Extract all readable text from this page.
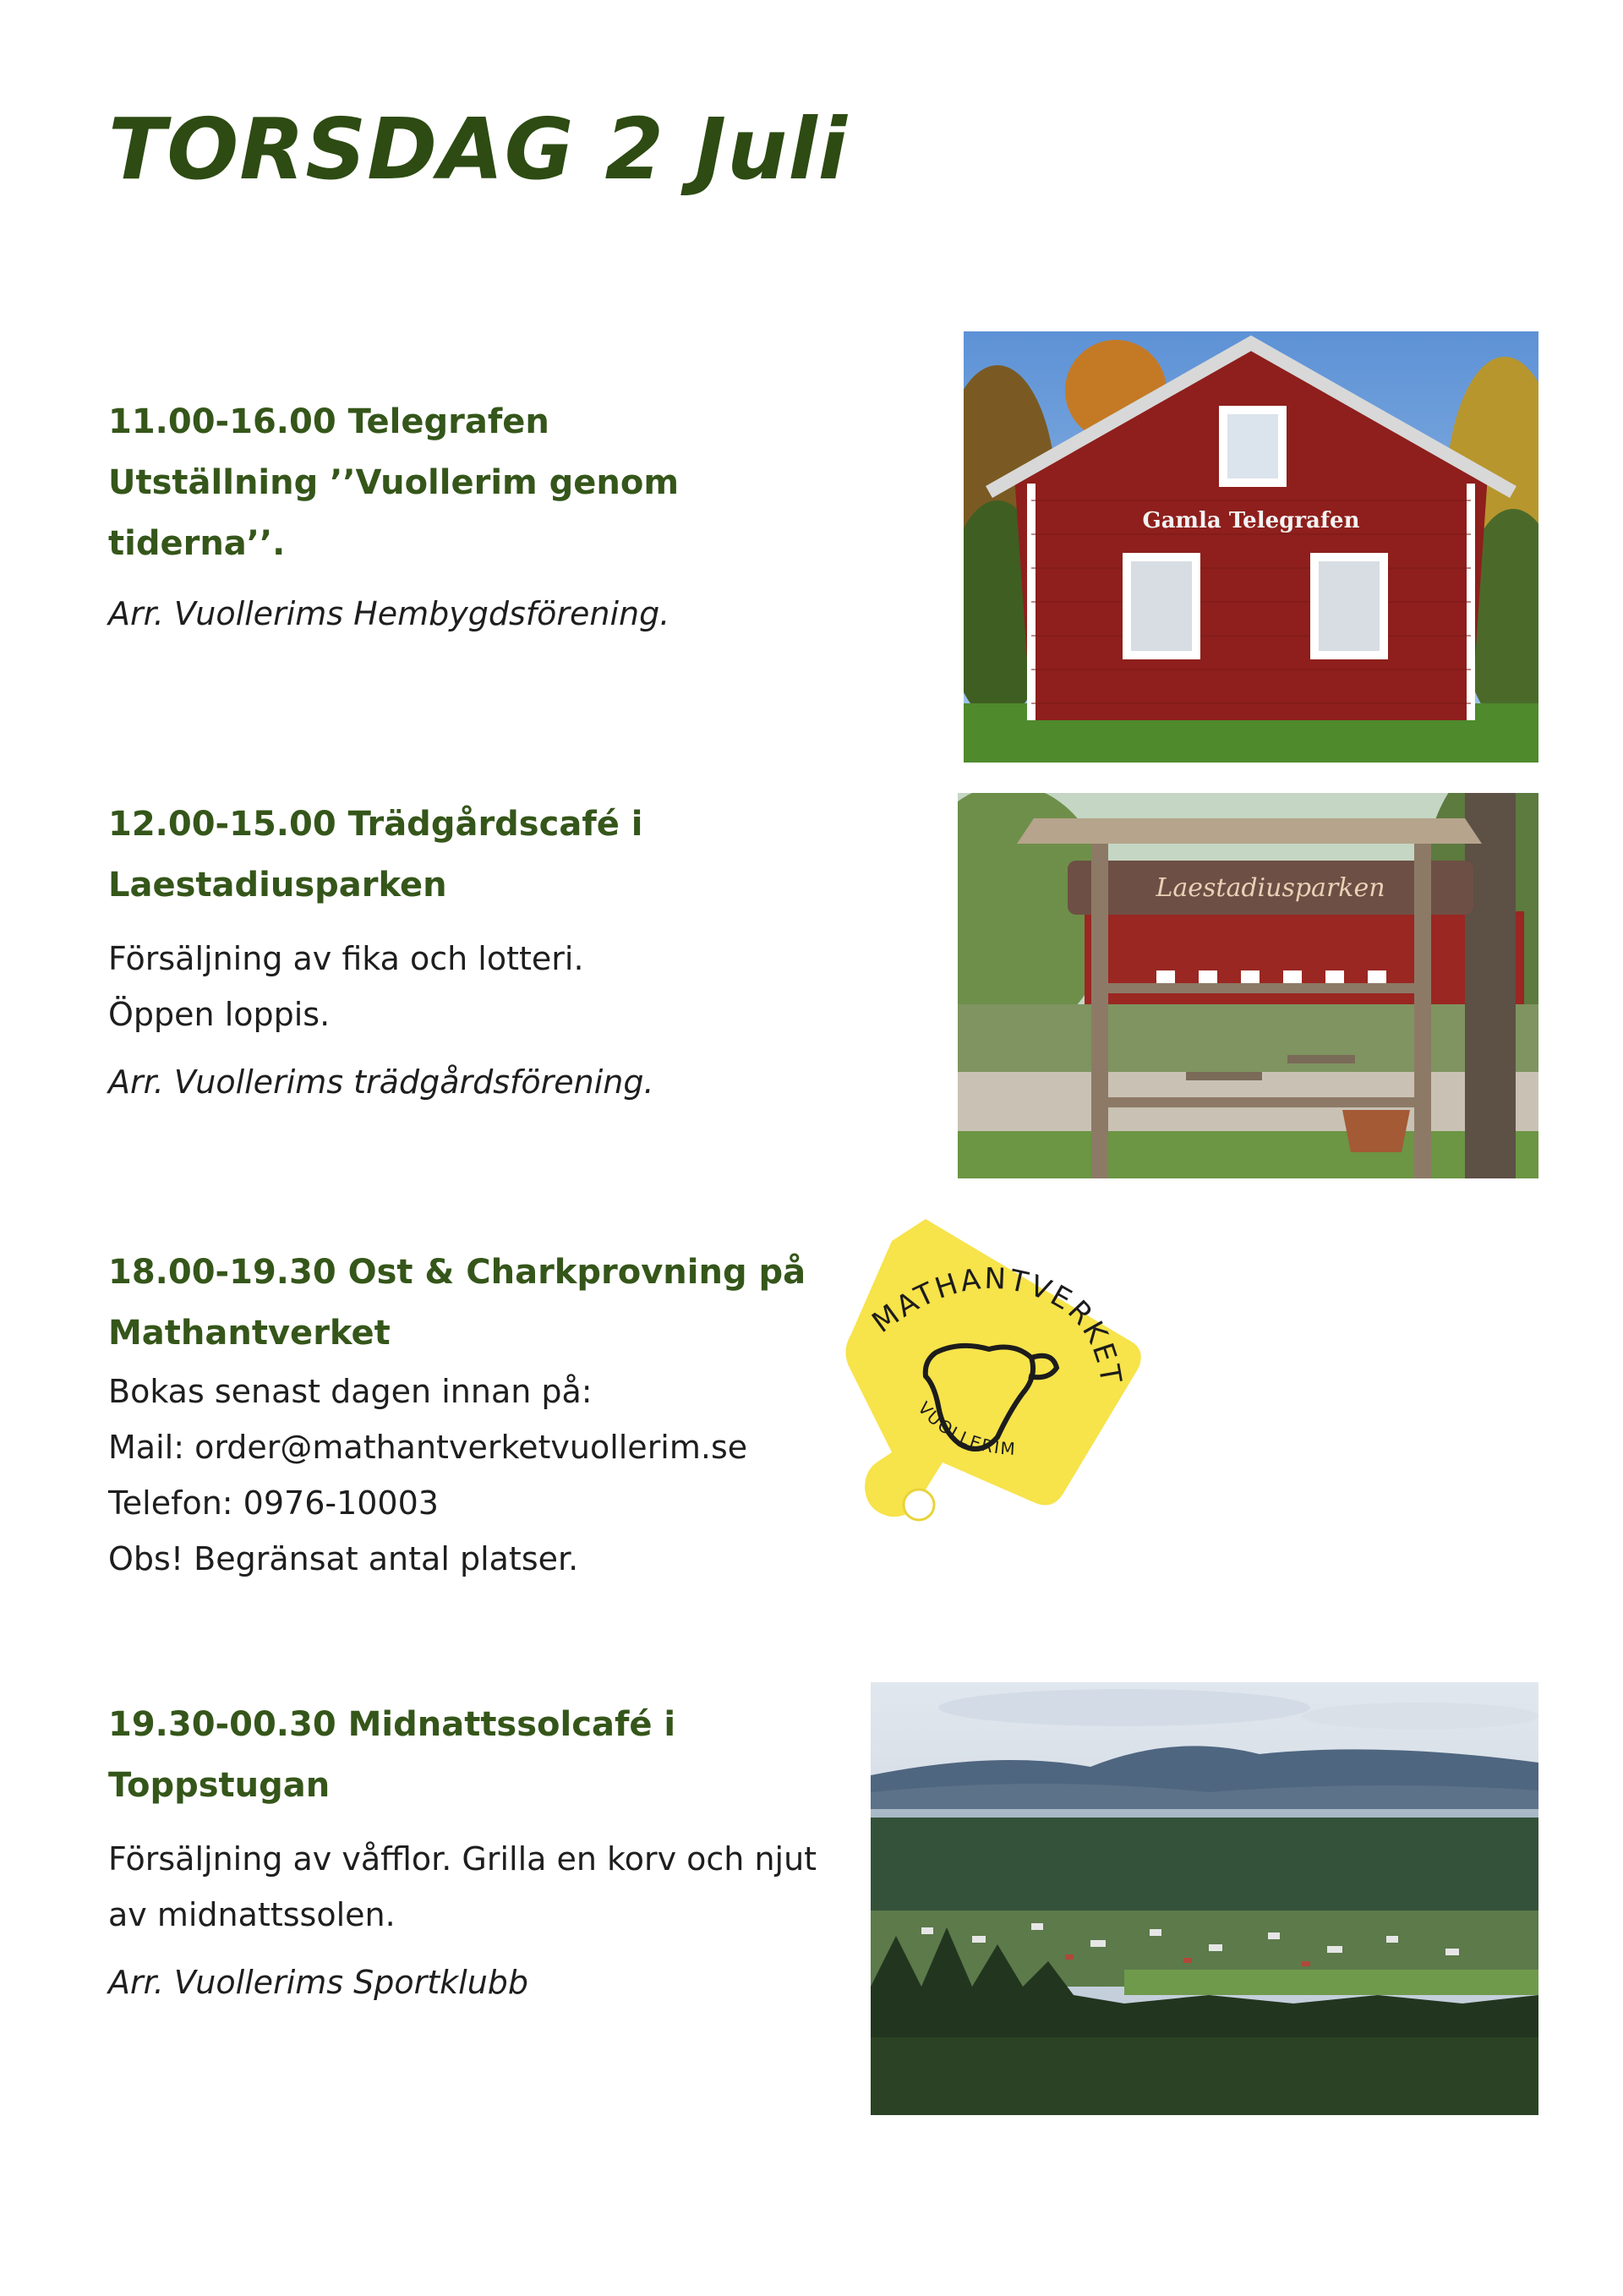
TORSDAG 2 Juli

11.00-16.00 Telegrafen

Utställning ’’Vuollerim genom tiderna’’.

Arr. Vuollerims Hembygdsförening.

Gamla Telegrafen

12.00-15.00 Trädgårdscafé i Laestadiusparken

Försäljning av fika och lotteri.

Öppen loppis.

Arr. Vuollerims trädgårdsförening.

Laestadiusparken

18.00-19.30 Ost & Charkprovning på

Mathantverket

Bokas senast dagen innan på:

Mail: order@mathantverketvuollerim.se

Telefon: 0976-10003

Obs! Begränsat antal platser.

MATHANTVERKET
VUOLLERIM

19.30-00.30 Midnattssolcafé i Toppstugan

Försäljning av våfflor. Grilla en korv och njut

av midnattssolen.

Arr. Vuollerims Sportklubb
